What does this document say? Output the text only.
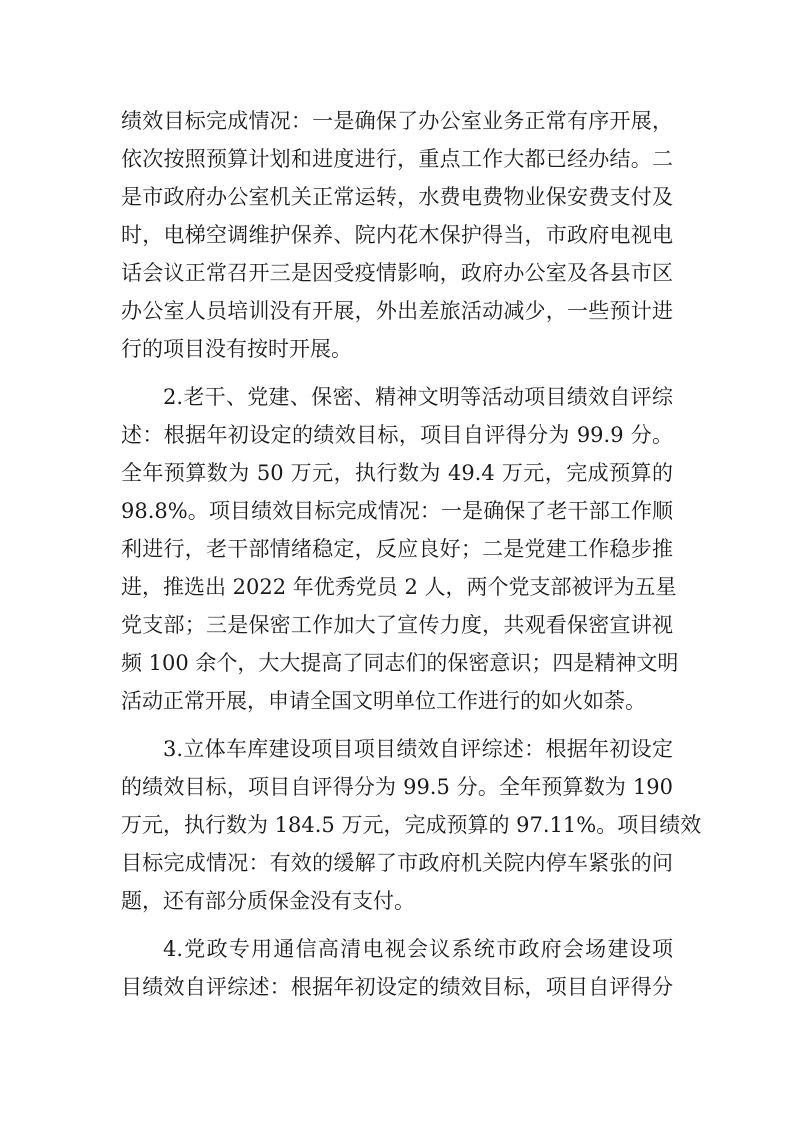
绩效目标完成情况：一是确保了办公室业务正常有序开展，
依次按照预算计划和进度进行，重点工作大都已经办结。二
是市政府办公室机关正常运转，水费电费物业保安费支付及
时，电梯空调维护保养、院内花木保护得当，市政府电视电
话会议正常召开三是因受疫情影响，政府办公室及各县市区
办公室人员培训没有开展，外出差旅活动减少，一些预计进
行的项目没有按时开展。
2.老干、党建、保密、精神文明等活动项目绩效自评综
述：根据年初设定的绩效目标，项目自评得分为 99.9 分。
全年预算数为 50 万元，执行数为 49.4 万元，完成预算的
98.8%。项目绩效目标完成情况：一是确保了老干部工作顺
利进行，老干部情绪稳定，反应良好；二是党建工作稳步推
进，推选出 2022 年优秀党员 2 人，两个党支部被评为五星
党支部；三是保密工作加大了宣传力度，共观看保密宣讲视
频 100 余个，大大提高了同志们的保密意识；四是精神文明
活动正常开展，申请全国文明单位工作进行的如火如荼。
3.立体车库建设项目项目绩效自评综述：根据年初设定
的绩效目标，项目自评得分为 99.5 分。全年预算数为 190
万元，执行数为 184.5 万元，完成预算的 97.11%。项目绩效
目标完成情况：有效的缓解了市政府机关院内停车紧张的问
题，还有部分质保金没有支付。
4.党政专用通信高清电视会议系统市政府会场建设项
目绩效自评综述：根据年初设定的绩效目标，项目自评得分
